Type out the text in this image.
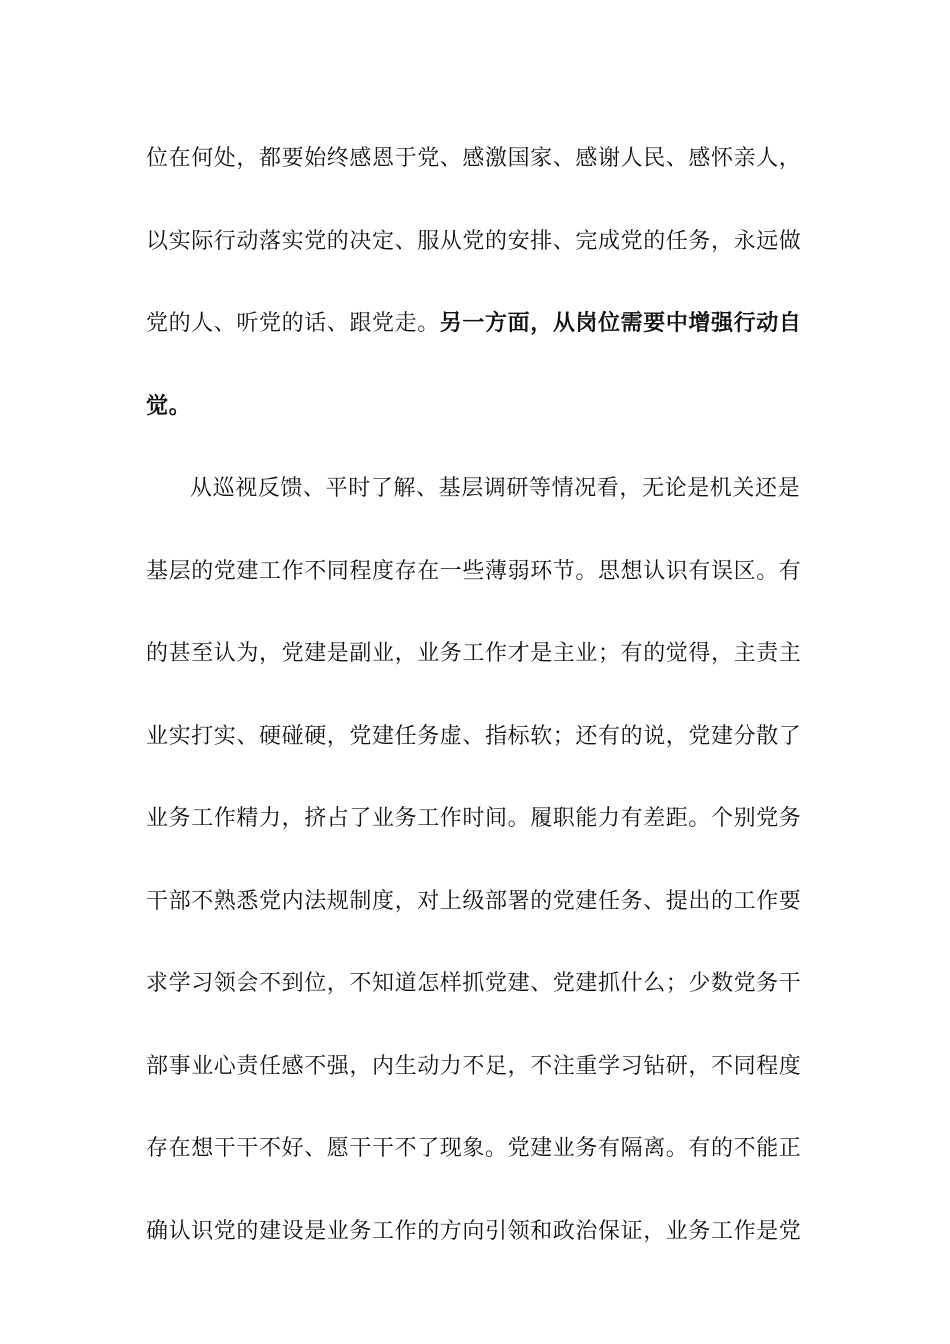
位在何处，都要始终感恩于党、感激国家、感谢人民、感怀亲人，

以实际行动落实党的决定、服从党的安排、完成党的任务，永远做

党的人、听党的话、跟党走。另一方面，从岗位需要中增强行动自

觉。

从巡视反馈、平时了解、基层调研等情况看，无论是机关还是

基层的党建工作不同程度存在一些薄弱环节。思想认识有误区。有

的甚至认为，党建是副业，业务工作才是主业；有的觉得，主责主

业实打实、硬碰硬，党建任务虚、指标软；还有的说，党建分散了

业务工作精力，挤占了业务工作时间。履职能力有差距。个别党务

干部不熟悉党内法规制度，对上级部署的党建任务、提出的工作要

求学习领会不到位，不知道怎样抓党建、党建抓什么；少数党务干

部事业心责任感不强，内生动力不足，不注重学习钻研，不同程度

存在想干干不好、愿干干不了现象。党建业务有隔离。有的不能正

确认识党的建设是业务工作的方向引领和政治保证，业务工作是党
